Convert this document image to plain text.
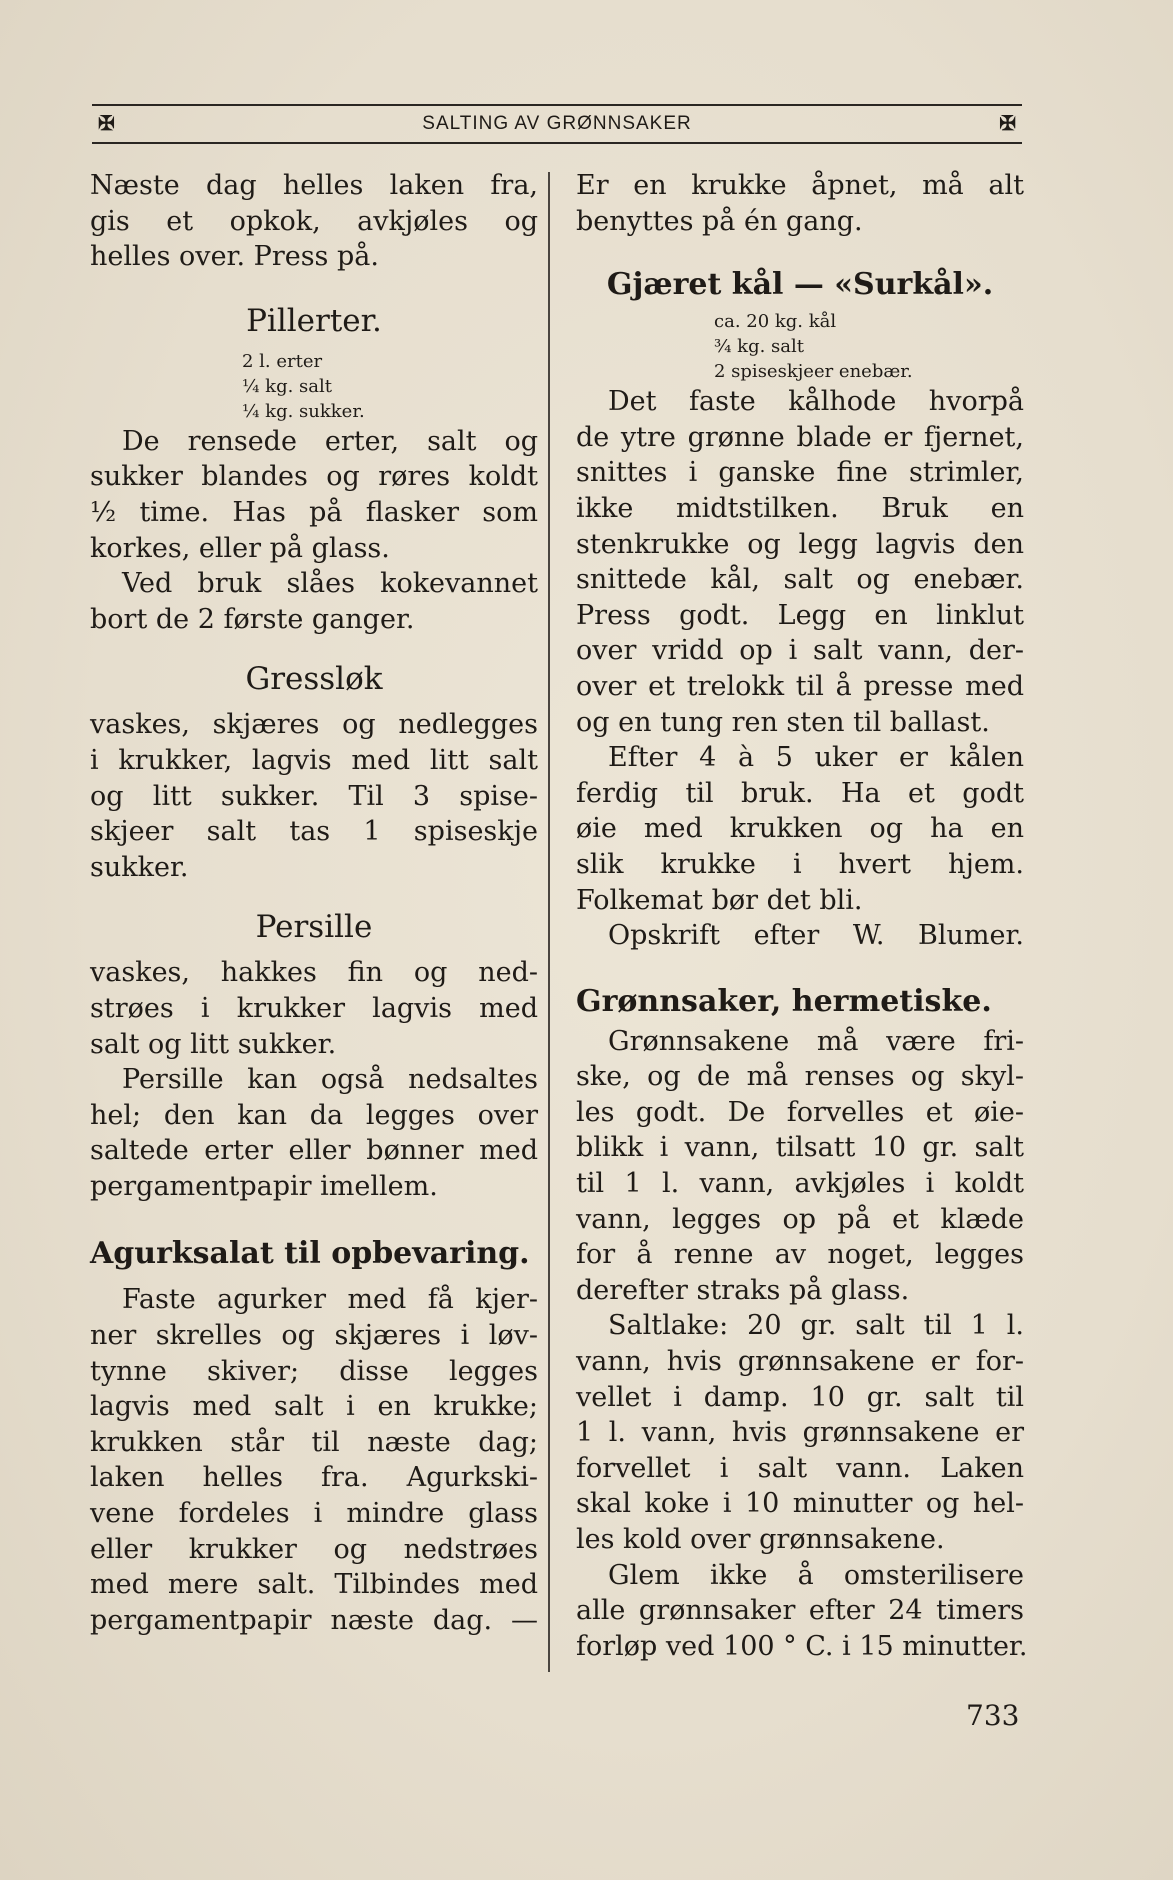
✠	SALTING AV GRØNNSAKER	✠
Næste dag helles laken fra,
gis et opkok, avkjøles og
helles over. Press på.
Pillerter.
2 l. erter
¼ kg. salt
¼ kg. sukker.
De rensede erter, salt og
sukker blandes og røres koldt
½ time. Has på flasker som
korkes, eller på glass.
Ved bruk slåes kokevannet
bort de 2 første ganger.
Gressløk
vaskes, skjæres og nedlegges
i krukker, lagvis med litt salt
og litt sukker. Til 3 spise-
skjeer salt tas 1 spiseskje
sukker.
Persille
vaskes, hakkes fin og ned-
strøes i krukker lagvis med
salt og litt sukker.
Persille kan også nedsaltes
hel; den kan da legges over
saltede erter eller bønner med
pergamentpapir imellem.
Agurksalat til opbevaring.
Faste agurker med få kjer-
ner skrelles og skjæres i løv-
tynne skiver; disse legges
lagvis med salt i en krukke;
krukken står til næste dag;
laken helles fra. Agurkski-
vene fordeles i mindre glass
eller krukker og nedstrøes
med mere salt. Tilbindes med
pergamentpapir næste dag. —
Er en krukke åpnet, må alt
benyttes på én gang.
Gjæret kål — «Surkål».
ca. 20 kg. kål
¾ kg. salt
2 spiseskjeer enebær.
Det faste kålhode hvorpå
de ytre grønne blade er fjernet,
snittes i ganske fine strimler,
ikke midtstilken. Bruk en
stenkrukke og legg lagvis den
snittede kål, salt og enebær.
Press godt. Legg en linklut
over vridd op i salt vann, der-
over et trelokk til å presse med
og en tung ren sten til ballast.
Efter 4 à 5 uker er kålen
ferdig til bruk. Ha et godt
øie med krukken og ha en
slik krukke i hvert hjem.
Folkemat bør det bli.
Opskrift efter W. Blumer.
Grønnsaker, hermetiske.
Grønnsakene må være fri-
ske, og de må renses og skyl-
les godt. De forvelles et øie-
blikk i vann, tilsatt 10 gr. salt
til 1 l. vann, avkjøles i koldt
vann, legges op på et klæde
for å renne av noget, legges
derefter straks på glass.
Saltlake: 20 gr. salt til 1 l.
vann, hvis grønnsakene er for-
vellet i damp. 10 gr. salt til
1 l. vann, hvis grønnsakene er
forvellet i salt vann. Laken
skal koke i 10 minutter og hel-
les kold over grønnsakene.
Glem ikke å omsterilisere
alle grønnsaker efter 24 timers
forløp ved 100 ° C. i 15 minutter.
733
